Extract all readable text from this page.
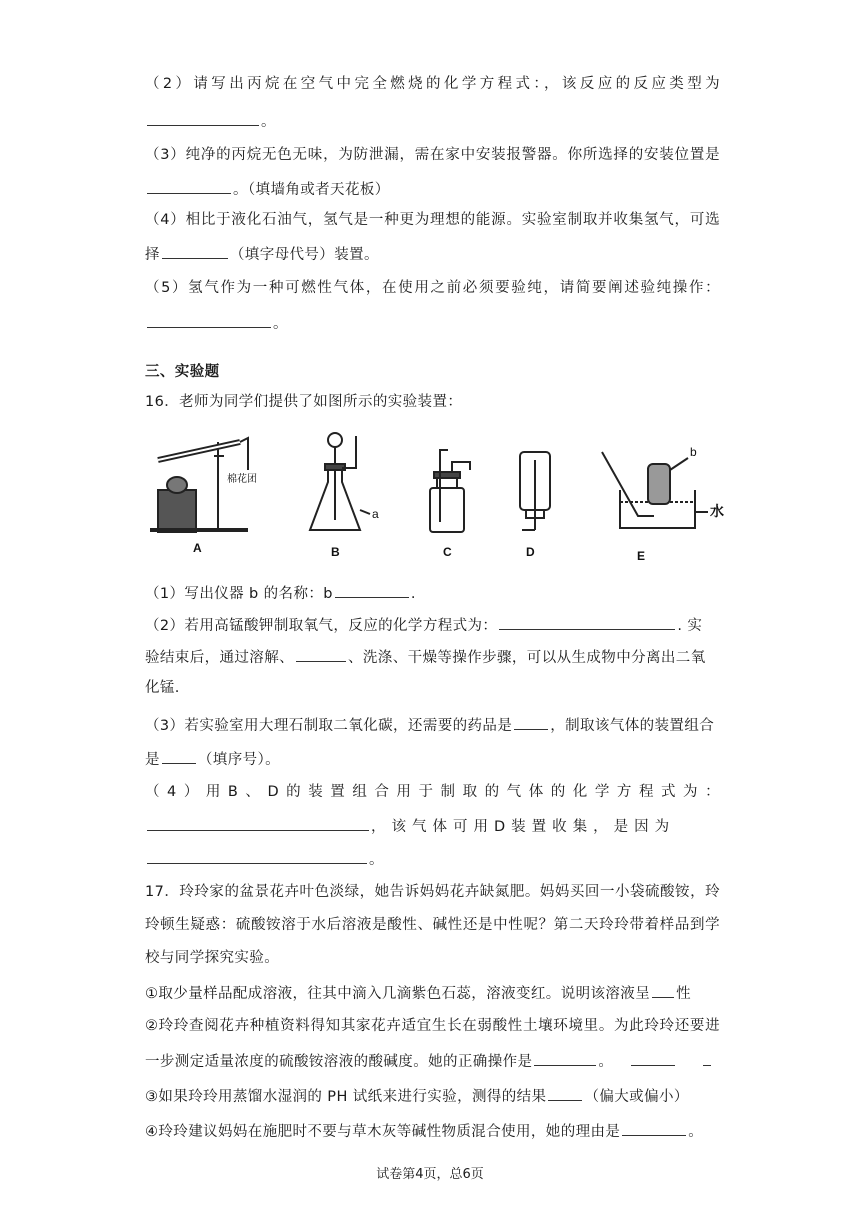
（2）请写出丙烷在空气中完全燃烧的化学方程式：，该反应的反应类型为
。
（3）纯净的丙烷无色无味，为防泄漏，需在家中安装报警器。你所选择的安装位置是
。（填墙角或者天花板）
（4）相比于液化石油气，氢气是一种更为理想的能源。实验室制取并收集氢气，可选
择	（填字母代号）装置。
（5）氢气作为一种可燃性气体，在使用之前必须要验纯，请简要阐述验纯操作：
。
三、实验题
16．老师为同学们提供了如图所示的实验装置：
棉花团
a
b
水
A	B	C	D	E
（1）写出仪器 b 的名称：b	.
（2）若用高锰酸钾制取氧气，反应的化学方程式为：	. 实
验结束后，通过溶解、	、洗涤、干燥等操作步骤，可以从生成物中分离出二氧
化锰.
（3）若实验室用大理石制取二氧化碳，还需要的药品是	，制取该气体的装置组合
是	（填序号）。
（4）用B、D的装置组合用于制取的气体的化学方程式为：
，该气体可用D装置收集，是因为
。
17．玲玲家的盆景花卉叶色淡绿，她告诉妈妈花卉缺氮肥。妈妈买回一小袋硫酸铵，玲
玲顿生疑惑：硫酸铵溶于水后溶液是酸性、碱性还是中性呢？第二天玲玲带着样品到学
校与同学探究实验。
①取少量样品配成溶液，往其中滴入几滴紫色石蕊，溶液变红。说明该溶液呈 性
②玲玲查阅花卉种植资料得知其家花卉适宜生长在弱酸性土壤环境里。为此玲玲还要进
一步测定适量浓度的硫酸铵溶液的酸碱度。她的正确操作是	。
③如果玲玲用蒸馏水湿润的 PH 试纸来进行实验，测得的结果	（偏大或偏小）
④玲玲建议妈妈在施肥时不要与草木灰等碱性物质混合使用，她的理由是	。
试卷第4页，总6页
